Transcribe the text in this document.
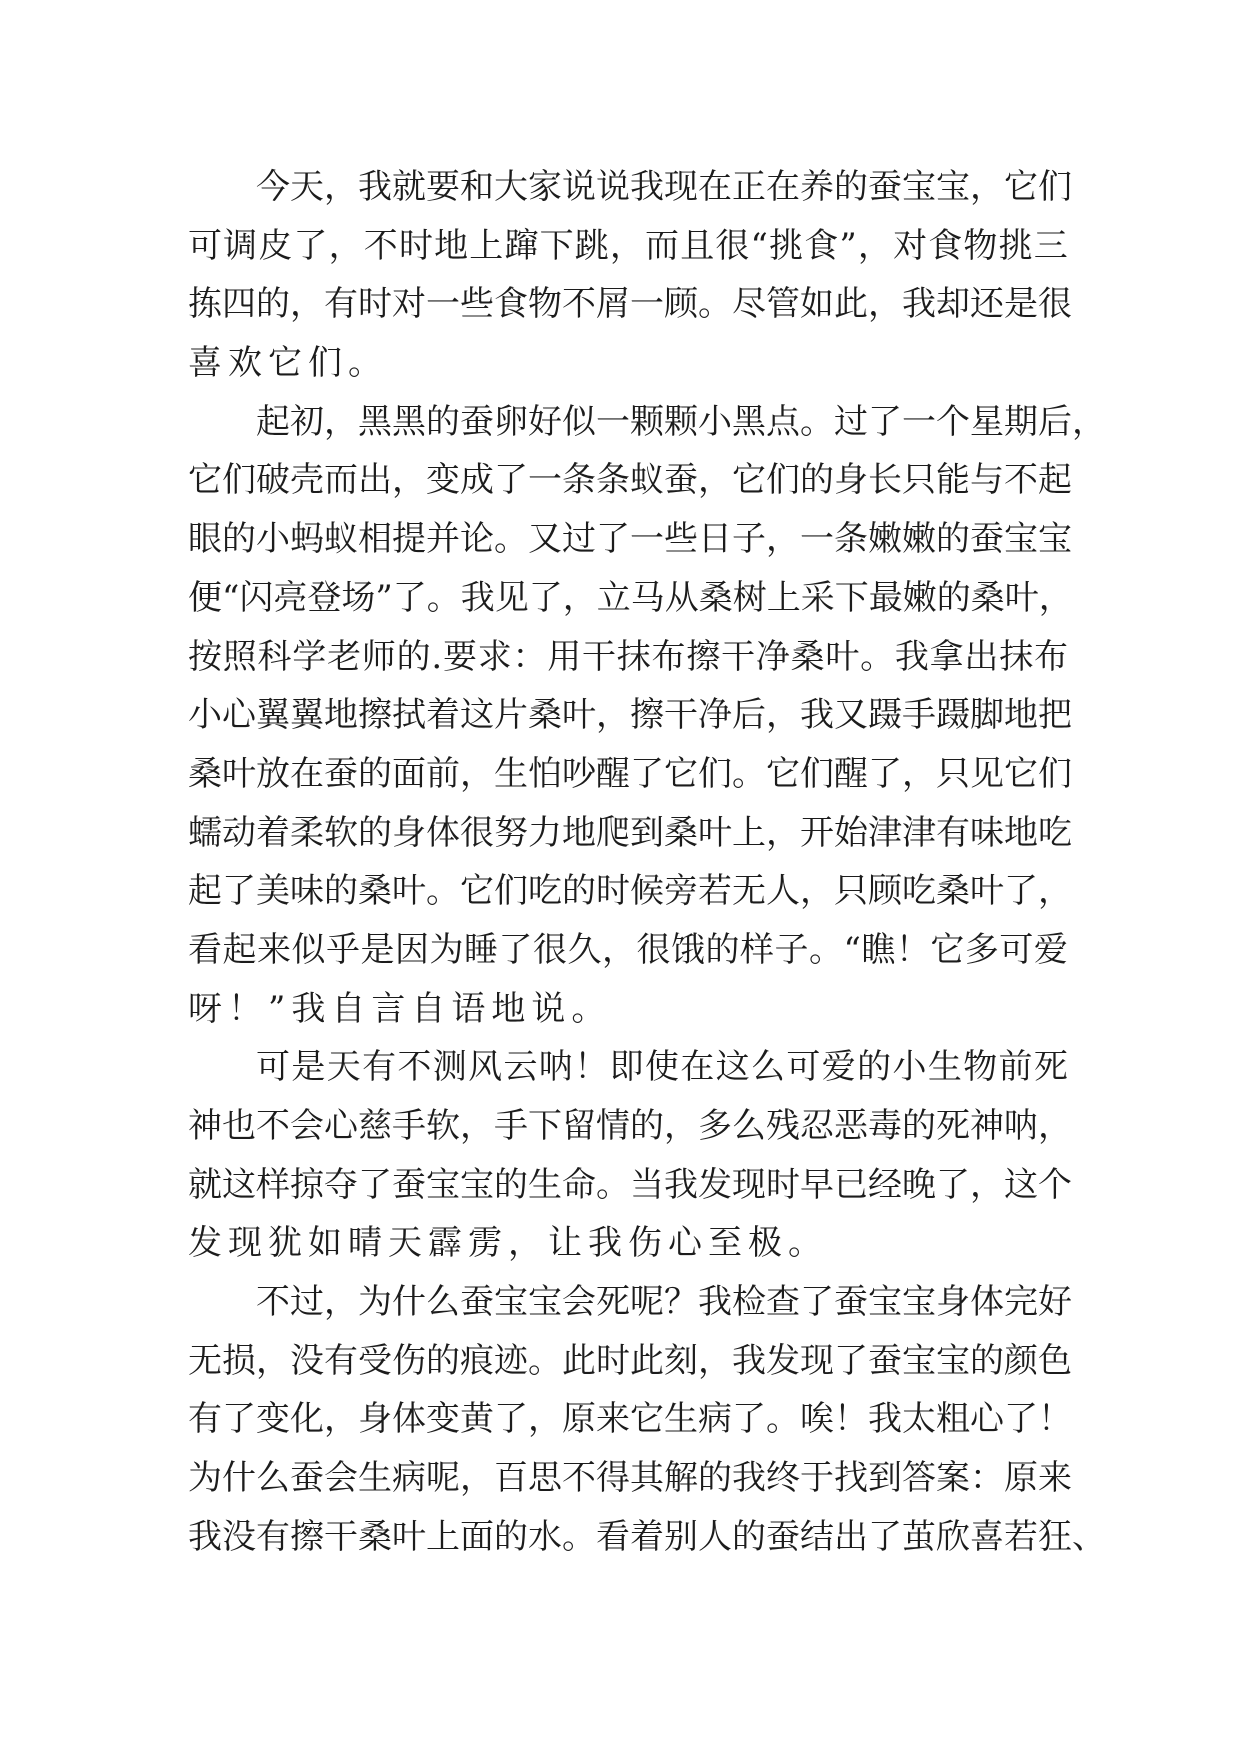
今 天 ， 我 就 要 和 大 家 说 说 我 现 在 正 在 养 的 蚕 宝 宝 ， 它 们
可 调 皮 了 ， 不 时 地 上 蹿 下 跳 ， 而 且 很 “ 挑 食 ” ， 对 食 物 挑 三
拣 四 的 ， 有 时 对 一 些 食 物 不 屑 一 顾 。 尽 管 如 此 ， 我 却 还 是 很
喜欢它们。
起 初 ， 黑 黑 的 蚕 卵 好 似 一 颗 颗 小 黑 点 。 过 了 一 个 星 期 后 ，
它 们 破 壳 而 出 ， 变 成 了 一 条 条 蚁 蚕 ， 它 们 的 身 长 只 能 与 不 起
眼 的 小 蚂 蚁 相 提 并 论 。 又 过 了 一 些 日 子 ， 一 条 嫩 嫩 的 蚕 宝 宝
便 “ 闪 亮 登 场 ” 了 。 我 见 了 ， 立 马 从 桑 树 上 采 下 最 嫩 的 桑 叶 ，
按 照 科 学 老 师 的 . 要 求 ： 用 干 抹 布 擦 干 净 桑 叶 。 我 拿 出 抹 布
小 心 翼 翼 地 擦 拭 着 这 片 桑 叶 ， 擦 干 净 后 ， 我 又 蹑 手 蹑 脚 地 把
桑 叶 放 在 蚕 的 面 前 ， 生 怕 吵 醒 了 它 们 。 它 们 醒 了 ， 只 见 它 们
蠕 动 着 柔 软 的 身 体 很 努 力 地 爬 到 桑 叶 上 ， 开 始 津 津 有 味 地 吃
起 了 美 味 的 桑 叶 。 它 们 吃 的 时 候 旁 若 无 人 ， 只 顾 吃 桑 叶 了 ，
看 起 来 似 乎 是 因 为 睡 了 很 久 ， 很 饿 的 样 子 。 “ 瞧 ！ 它 多 可 爱
呀！”我自言自语地说。
可 是 天 有 不 测 风 云 呐 ！ 即 使 在 这 么 可 爱 的 小 生 物 前 死
神 也 不 会 心 慈 手 软 ， 手 下 留 情 的 ， 多 么 残 忍 恶 毒 的 死 神 呐 ，
就 这 样 掠 夺 了 蚕 宝 宝 的 生 命 。 当 我 发 现 时 早 已 经 晚 了 ， 这 个
发现犹如晴天霹雳，让我伤心至极。
不 过 ， 为 什 么 蚕 宝 宝 会 死 呢 ？ 我 检 查 了 蚕 宝 宝 身 体 完 好
无 损 ， 没 有 受 伤 的 痕 迹 。 此 时 此 刻 ， 我 发 现 了 蚕 宝 宝 的 颜 色
有 了 变 化 ， 身 体 变 黄 了 ， 原 来 它 生 病 了 。 唉 ！ 我 太 粗 心 了 ！
为 什 么 蚕 会 生 病 呢 ， 百 思 不 得 其 解 的 我 终 于 找 到 答 案 ： 原 来
我 没 有 擦 干 桑 叶 上 面 的 水 。 看 着 别 人 的 蚕 结 出 了 茧 欣 喜 若 狂 、
